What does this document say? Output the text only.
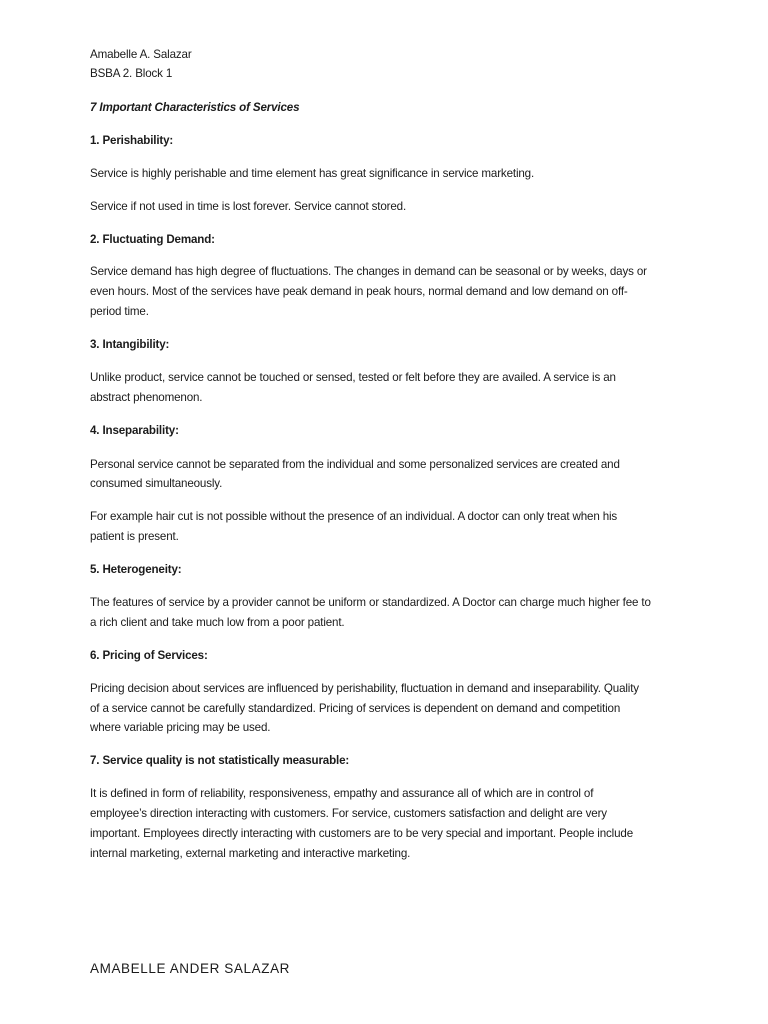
Amabelle A. Salazar
BSBA 2. Block 1
7 Important Characteristics of Services
1. Perishability:
Service is highly perishable and time element has great significance in service marketing.
Service if not used in time is lost forever. Service cannot stored.
2. Fluctuating Demand:
Service demand has high degree of fluctuations. The changes in demand can be seasonal or by weeks, days or
even hours. Most of the services have peak demand in peak hours, normal demand and low demand on off-
period time.
3. Intangibility:
Unlike product, service cannot be touched or sensed, tested or felt before they are availed. A service is an
abstract phenomenon.
4. Inseparability:
Personal service cannot be separated from the individual and some personalized services are created and
consumed simultaneously.
For example hair cut is not possible without the presence of an individual. A doctor can only treat when his
patient is present.
5. Heterogeneity:
The features of service by a provider cannot be uniform or standardized. A Doctor can charge much higher fee to
a rich client and take much low from a poor patient.
6. Pricing of Services:
Pricing decision about services are influenced by perishability, fluctuation in demand and inseparability. Quality
of a service cannot be carefully standardized. Pricing of services is dependent on demand and competition
where variable pricing may be used.
7. Service quality is not statistically measurable:
It is defined in form of reliability, responsiveness, empathy and assurance all of which are in control of
employee’s direction interacting with customers. For service, customers satisfaction and delight are very
important. Employees directly interacting with customers are to be very special and important. People include
internal marketing, external marketing and interactive marketing.
AMABELLE ANDER SALAZAR
